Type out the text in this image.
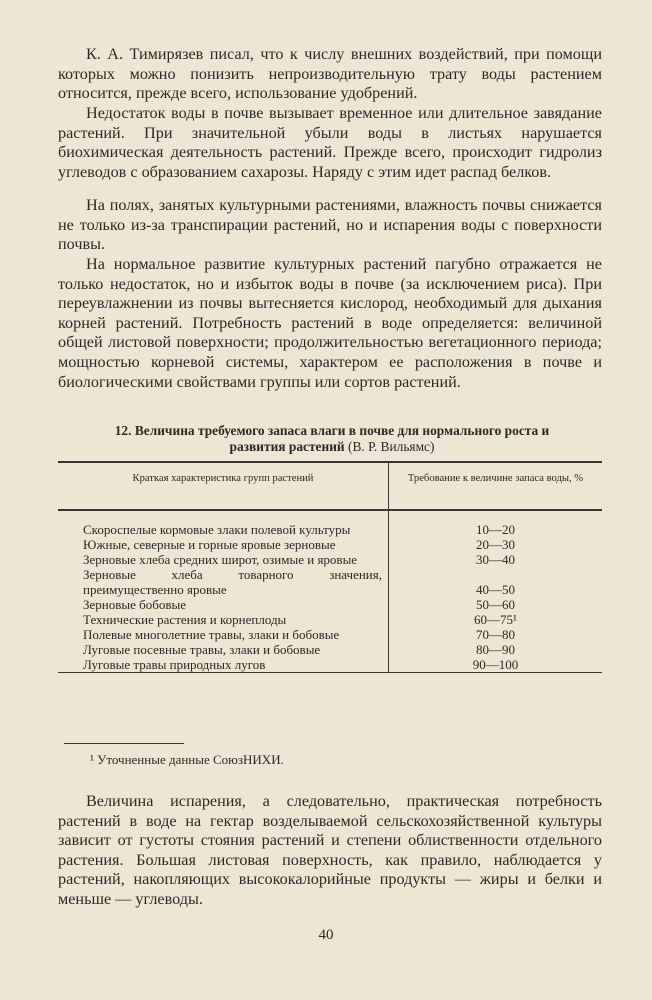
К. А. Тимирязев писал, что к числу внешних воздействий, при помощи которых можно понизить непроизводительную трату воды растением относится, прежде всего, использование удобрений.

Недостаток воды в почве вызывает временное или длительное завядание растений. При значительной убыли воды в листьях нарушается биохимическая деятельность растений. Прежде всего, происходит гидролиз углеводов с образованием сахарозы. Наряду с этим идет распад белков.

На полях, занятых культурными растениями, влажность почвы снижается не только из-за транспирации растений, но и испарения воды с поверхности почвы.

На нормальное развитие культурных растений пагубно отражается не только недостаток, но и избыток воды в почве (за исключением риса). При переувлажнении из почвы вытесняется кислород, необходимый для дыхания корней растений. Потребность растений в воде определяется: величиной общей листовой поверхности; продолжительностью вегетационного периода; мощностью корневой системы, характером ее расположения в почве и биологическими свойствами группы или сортов растений.

12. Величина требуемого запаса влаги в почве для нормального роста и развития растений (В. Р. Вильямс)

Краткая характеристика групп растений	Требование к величине запаса воды, %
Скороспелые кормовые злаки полевой культуры	10—20
Южные, северные и горные яровые зерновые	20—30
Зерновые хлеба средних широт, озимые и яровые	30—40
Зерновые хлеба товарного значения, преимущественно яровые	40—50
Зерновые бобовые	50—60
Технические растения и корнеплоды	60—75¹
Полевые многолетние травы, злаки и бобовые	70—80
Луговые посевные травы, злаки и бобовые	80—90
Луговые травы природных лугов	90—100

¹ Уточненные данные СоюзНИХИ.

Величина испарения, а следовательно, практическая потребность растений в воде на гектар возделываемой сельскохозяйственной культуры зависит от густоты стояния растений и степени облиственности отдельного растения. Большая листовая поверхность, как правило, наблюдается у растений, накопляющих высококалорийные продукты — жиры и белки и меньше — углеводы.

40
